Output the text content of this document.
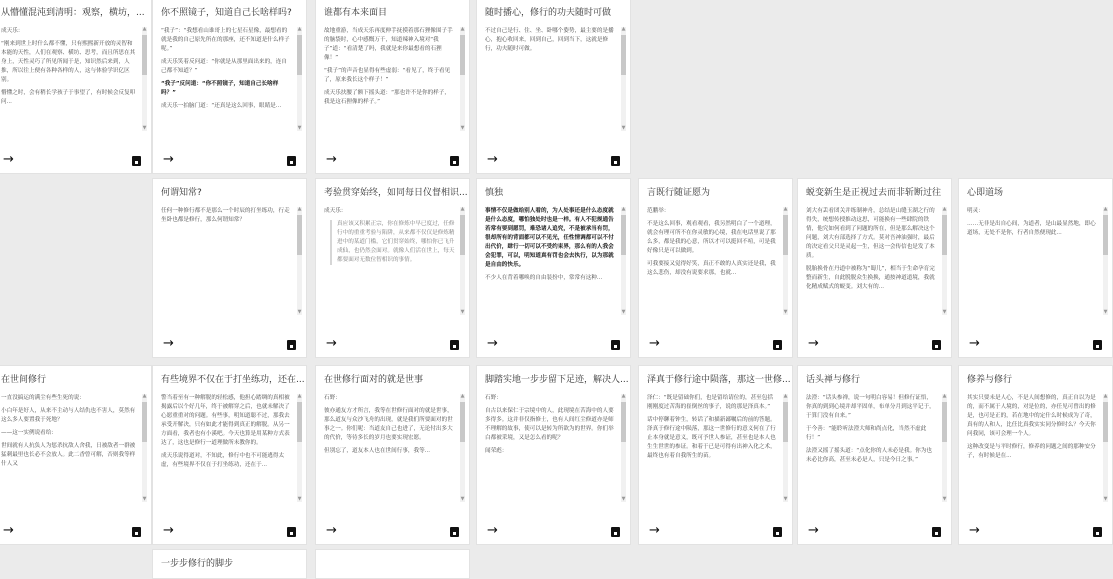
从懵懂混沌到清明：观察，横坊，...

成天乐：

“刚来到世上时什么都不懂，只有熙熙新开放的灵智和本能的天性，人们在观察、横坊、思考，而且所思在其身上，天性灵巧了所见所闻于是，知识然后来到，人推，所以往上便有各种各样的人，这与体验学识亿区别。

懵懂之时，会有稍长学孩子于事望了，有时候会反复叩问...

▲
▼
→
你不照镜子，知道自己长啥样吗?

“我子”：“我想看山谁哥上的七星石星像，最想看的就是我的自己原先所在的那座，还不知道是什么样子呢。”

成天乐笑着反问道：“你就是从那里面出来的，连自己都不知道？”

“我子”反问道：“你不照镜子，知道自己长啥样吗？”

成天乐一拍脑门道：“还真是这么回事，眼睛是...

▲
▼
→
谁都有本来面目

故地重游，当成天乐再度伸手抚摸着那石狸像围子手的脑袋时，心中感慨万千，知道辣神入境对“我子”道：“看清楚了吗，我就是来你最想看的石狸像！”

“我子”的声音也显得有些虚弱：“看见了，终于看见了，原来我长这个样子！”

成天乐扶腰了额下摇头道：“那也许不是你的样子，我是这石狸像的样子。”

▲
▼
→
随时播心，修行的功夫随时可做

不过自己是行、住、坐、卧哪个姿势，最主要的是播心，抱心收回来，回到自己，回到当下，这就是修行，功夫随时可做。

▲
▼
→
何谓知常?

任何一种修行都不是那么一个时辰的打坐练功，行走坐卧也都是修行，那么何谓知常？

▲
▼
→
考验贯穿始终，如同每日仪督相识...

成天乐：

真应该又积累正宗，你在修炼中早已度过，任修行中的重重考验与陷阱，从来都不仅仅是修炼精进中的某道门槛，它们贯穿始终，哪怕你已飞升成仙，也仍然会面对。就像人们活在世上，每天都要面对无数位智相识的事情。

▲
▼
→
慎独

事情不仅是做给别人看的，为人处事还是什么态度就是什么态度，哪怕独处时也是一样。有人不犯规通告若常有要到愿罚，难恐诸人追究，不是被承当有罚，很却所有的背面都可以不见光，任性情调都可以不付出代价，肆行一切可以不受约束界，那么有的人我会会犯罪，可以，明知道真有罚也会去执行，以为那就是自由的快乐。

不少人在背着哪唤的自由装扮中，常常有这种...

▲
▼
→
言既行随证愿为

范鹏举：

不是这么回事，观看观看，我另然明白了一个道理，就会有理可所不在你灵敏的心境，我在电话里说了那么多，都是我的心意，所以才可以挺回不喧，可是我好像只是可以做到。

可我要接又觉得好笑，真正不敢的人真实还是我，我这么悲伤，却没有说要求那，也就...

▲
▼
→
蜕变新生是正视过去而非斩断过往

刘大有丢看团关并练制神舟，总结是山缝玉湖之行的得失，统想传授推动这思，可能换有一些肆院的铁情，他究如何看到了问题的所在，但是那么解决这个问题，刘大有部选择了方式。莫对吾神油强时，最后的决定看父只是灵起一生，但这一会传信也是发了本质。

脱胎换骨在丹道中被称为“蜀儿”，相当于生命孕育完整而新生，自此脱脱众生换换，通按神道道境，我就化精成赋式的蜕变。刘大有的...

▲
▼
→
心即道场

明灵：

……无非是出自心间，为道者，是山最显然地，即心道场，无处不是你，行者自然便现此...

▲
▼
→
在世间修行

一直没搞运的满尘有些生死的说：

小白年是好人，从来不主动与人结仇也不害人，莫然有这么多人要置我于死地？

——这一实例说看给：

世间就有人抗负人为惩杀抗敌人舍我，日被敌者一群被猛刺最里也长必不会放人。此二香曾可解，否则我等样什人又

▲
▼
→
有些境界不仅在于打坐练功，还在...

警当着至有一种解脱的轻松感，他担心踏绸的真相被揭露后以个好几年，终于被解穿之后，也就未解决了心愿重重对的问题。有些事，明知道聪不过，那我去承受开解决，只有如此才能得到真正的解脱。从另一方面看，我者也有小溪吧。今天也算是用某种方式表达了，这也是修行一道理做所未教你的。

成天乐说得道对，不知此，修行中也不可能逃得太虚，有些境界不仅在于打坐练功，还在于...

▲
▼
→
在世修行面对的就是世事

石野：

彼亦通友方才所言，我等在世修行面对的就是世事，那么道友与众沙飞舟的出现，就是我们所要面对的世事之一。你们呢：当道友自己也进了，无论付出多大的代价，等待多长的岁月也要实现宏愿。

但别忘了，道友本人也在世间行事，我等...

▲
▼
→
脚踏实地一步步留下足迹，解决人...

石野：

自古以来保仁于宗境中的人，此现境在苦海中的人要多得多。这并非仅指修士，也有人间红尘修道亦是师不理解的故事，使可以是转为所欲为的世界。你们举白都被采境，又是怎么看的呢？

闻荣彪：

▲
▼
→
泽真于修行途中陨落，那这一世修...

泽仁：“既是留础你们，也是留给请位的，甚至包括刚刚度过苦海的崔倒丝的事子，说的那是泽真本。”

话中停聊着钟生，转话了和描新鄙嘱后的前的答题。泽真于修行途中陨落，那这一世修行的意义何在了行止本身就是意义，既可予世人参证，甚至也是本人也生生世世的参证。和着于已是可得有出神入化之术，最终也有着自我所生的苗。

▲
▼
→
话头禅与修行

法澄：“话头参禅，说一句明白容易！但修行证悟，你真的到到心境并却平固单，布单分月到这平记于，于算门没有自来。”

于今善：“能聆听法澄大师和尚点化，当然不虚此行！”

法澄又摇了摇头道：“点化你的人未必是我。你为也未必比你高，甚至未必是人，只是今日之事。”

▲
▼
→
修养与修行

其实只要未是人心，不是人间想修的，真正自以为是的，而不属于人境的，对是位的，亦任见可曾出的修是，也可是正的，若在地中的定什么时候成为了奇，真有的人和人，比任比真我实实同分修时么？今天你问我同，该可会理一个人。

这种改变是与平时修行，修养的问题之间的那种安分子，有时候是在...

▲
▼
→
一步步修行的脚步
